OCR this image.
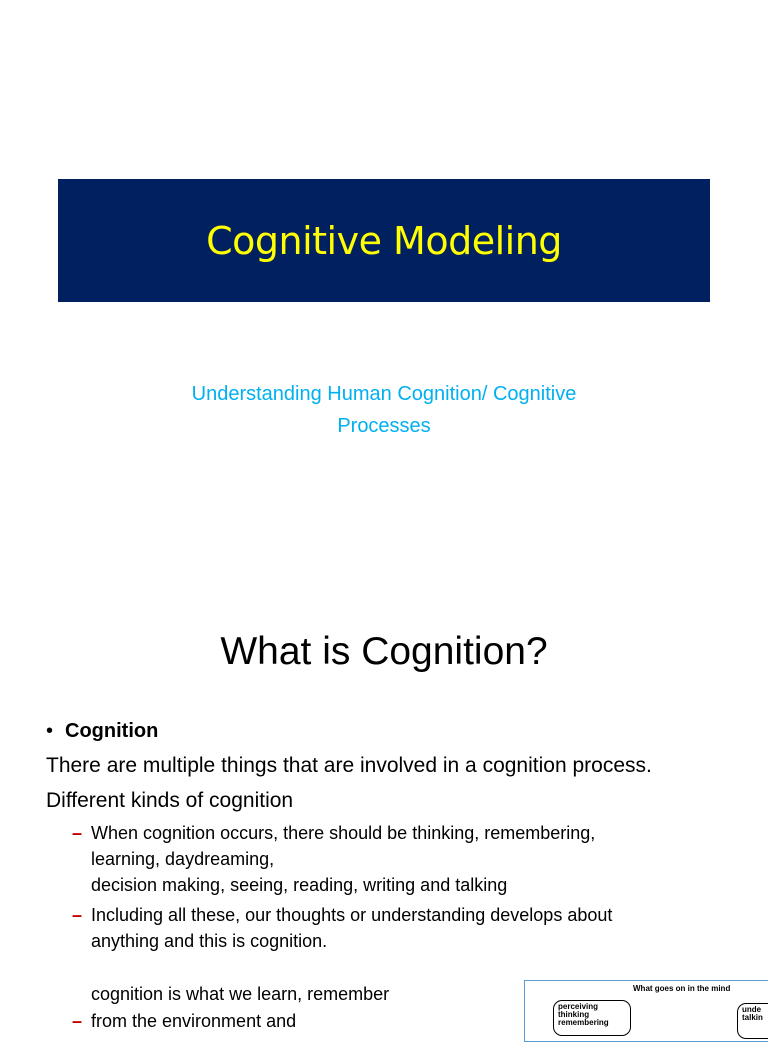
Cognitive Modeling
Understanding Human Cognition/ Cognitive
Processes
What is Cognition?
• Cognition
There are multiple things that are involved in a cognition process.
Different kinds of cognition
– When cognition occurs, there should be thinking, remembering,
learning, daydreaming,
decision making, seeing, reading, writing and talking
– Including all these, our thoughts or understanding develops about
anything and this is cognition.
cognition is what we learn, remember
– from the environment and
What goes on in the mind
perceiving
thinking
remembering
unde
talkin
